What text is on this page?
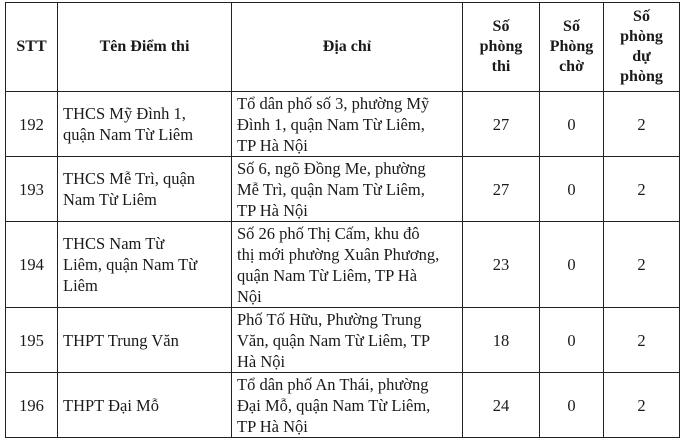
STT	Tên Điểm thi	Địa chỉ	Số
phòng
thi	Số
Phòng
chờ	Số
phòng
dự
phòng

192	THCS Mỹ Đình 1,
quận Nam Từ Liêm	Tổ dân phố số 3, phường Mỹ
Đình 1, quận Nam Từ Liêm,
TP Hà Nội	27	0	2
193	THCS Mễ Trì, quận
Nam Từ Liêm	Số 6, ngõ Đồng Me, phường
Mễ Trì, quận Nam Từ Liêm,
TP Hà Nội	27	0	2
194	THCS Nam Từ
Liêm, quận Nam Từ
Liêm	Số 26 phố Thị Cấm, khu đô
thị mới phường Xuân Phương,
quận Nam Từ Liêm, TP Hà
Nội	23	0	2
195	THPT Trung Văn	Phố Tố Hữu, Phường Trung
Văn, quận Nam Từ Liêm, TP
Hà Nội	18	0	2
196	THPT Đại Mỗ	Tổ dân phố An Thái, phường
Đại Mỗ, quận Nam Từ Liêm,
TP Hà Nội	24	0	2
